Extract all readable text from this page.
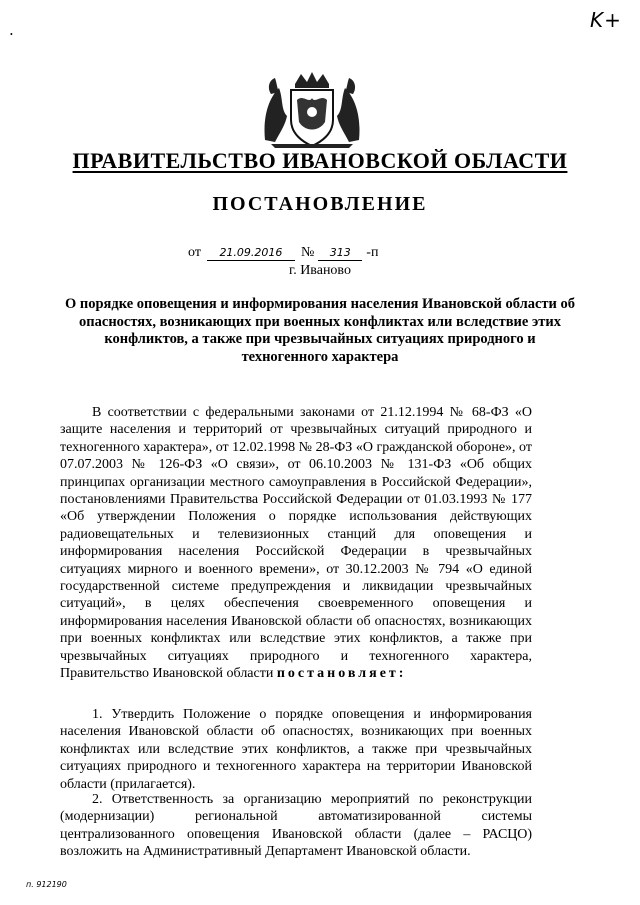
K+
•
ПРАВИТЕЛЬСТВО ИВАНОВСКОЙ ОБЛАСТИ
ПОСТАНОВЛЕНИЕ
от 21.09.2016 № 313 -п
г. Иваново
О порядке оповещения и информирования населения Ивановской области об опасностях, возникающих при военных конфликтах или вследствие этих конфликтов, а также при чрезвычайных ситуациях природного и техногенного характера
В соответствии с федеральными законами от 21.12.1994 № 68-ФЗ «О защите населения и территорий от чрезвычайных ситуаций природного и техногенного характера», от 12.02.1998 № 28-ФЗ «О гражданской обороне», от 07.07.2003 № 126-ФЗ «О связи», от 06.10.2003 № 131-ФЗ «Об общих принципах организации местного самоуправления в Российской Федерации», постановлениями Правительства Российской Федерации от 01.03.1993 № 177 «Об утверждении Положения о порядке использования действующих радиовещательных и телевизионных станций для оповещения и информирования населения Российской Федерации в чрезвычайных ситуациях мирного и военного времени», от 30.12.2003 № 794 «О единой государственной системе предупреждения и ликвидации чрезвычайных ситуаций», в целях обеспечения своевременного оповещения и информирования населения Ивановской области об опасностях, возникающих при военных конфликтах или вследствие этих конфликтов, а также при чрезвычайных ситуациях природного и техногенного характера, Правительство Ивановской области постановляет:
1. Утвердить Положение о порядке оповещения и информирования населения Ивановской области об опасностях, возникающих при военных конфликтах или вследствие этих конфликтов, а также при чрезвычайных ситуациях природного и техногенного характера на территории Ивановской области (прилагается).
2. Ответственность за организацию мероприятий по реконструкции (модернизации) региональной автоматизированной системы централизованного оповещения Ивановской области (далее – РАСЦО) возложить на Административный Департамент Ивановской области.
п. 912190
